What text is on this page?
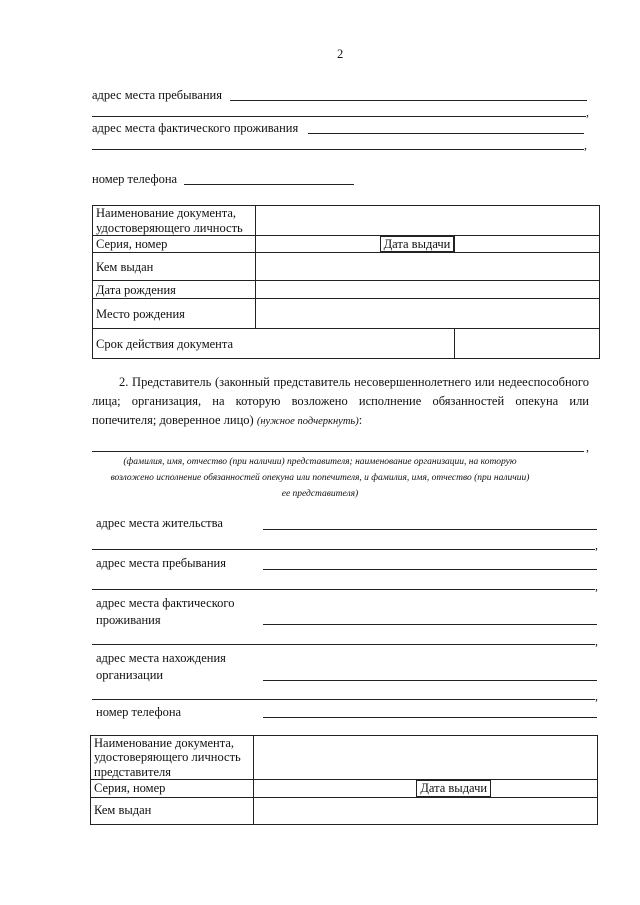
2
адрес места пребывания
,
адрес места фактического проживания
,
номер телефона
Наименование документа, удостоверяющего личность		
Серия, номер	Дата выдачи	
Кем выдан		
Дата рождения		
Место рождения		
Срок действия документа		
2. Представитель (законный представитель несовершеннолетнего или недееспособного лица; организация, на которую возложено исполнение обязанностей опекуна или попечителя; доверенное лицо) (нужное подчеркнуть):
,
(фамилия, имя, отчество (при наличии) представителя; наименование организации, на которую
возложено исполнение обязанностей опекуна или попечителя, и фамилия, имя, отчество (при наличии)
ее представителя)
адрес места жительства
,
адрес места пребывания
,
адрес места фактического
проживания
,
адрес места нахождения
организации
,
номер телефона
Наименование документа, удостоверяющего личность представителя		
Серия, номер		Дата выдачи
Кем выдан		
